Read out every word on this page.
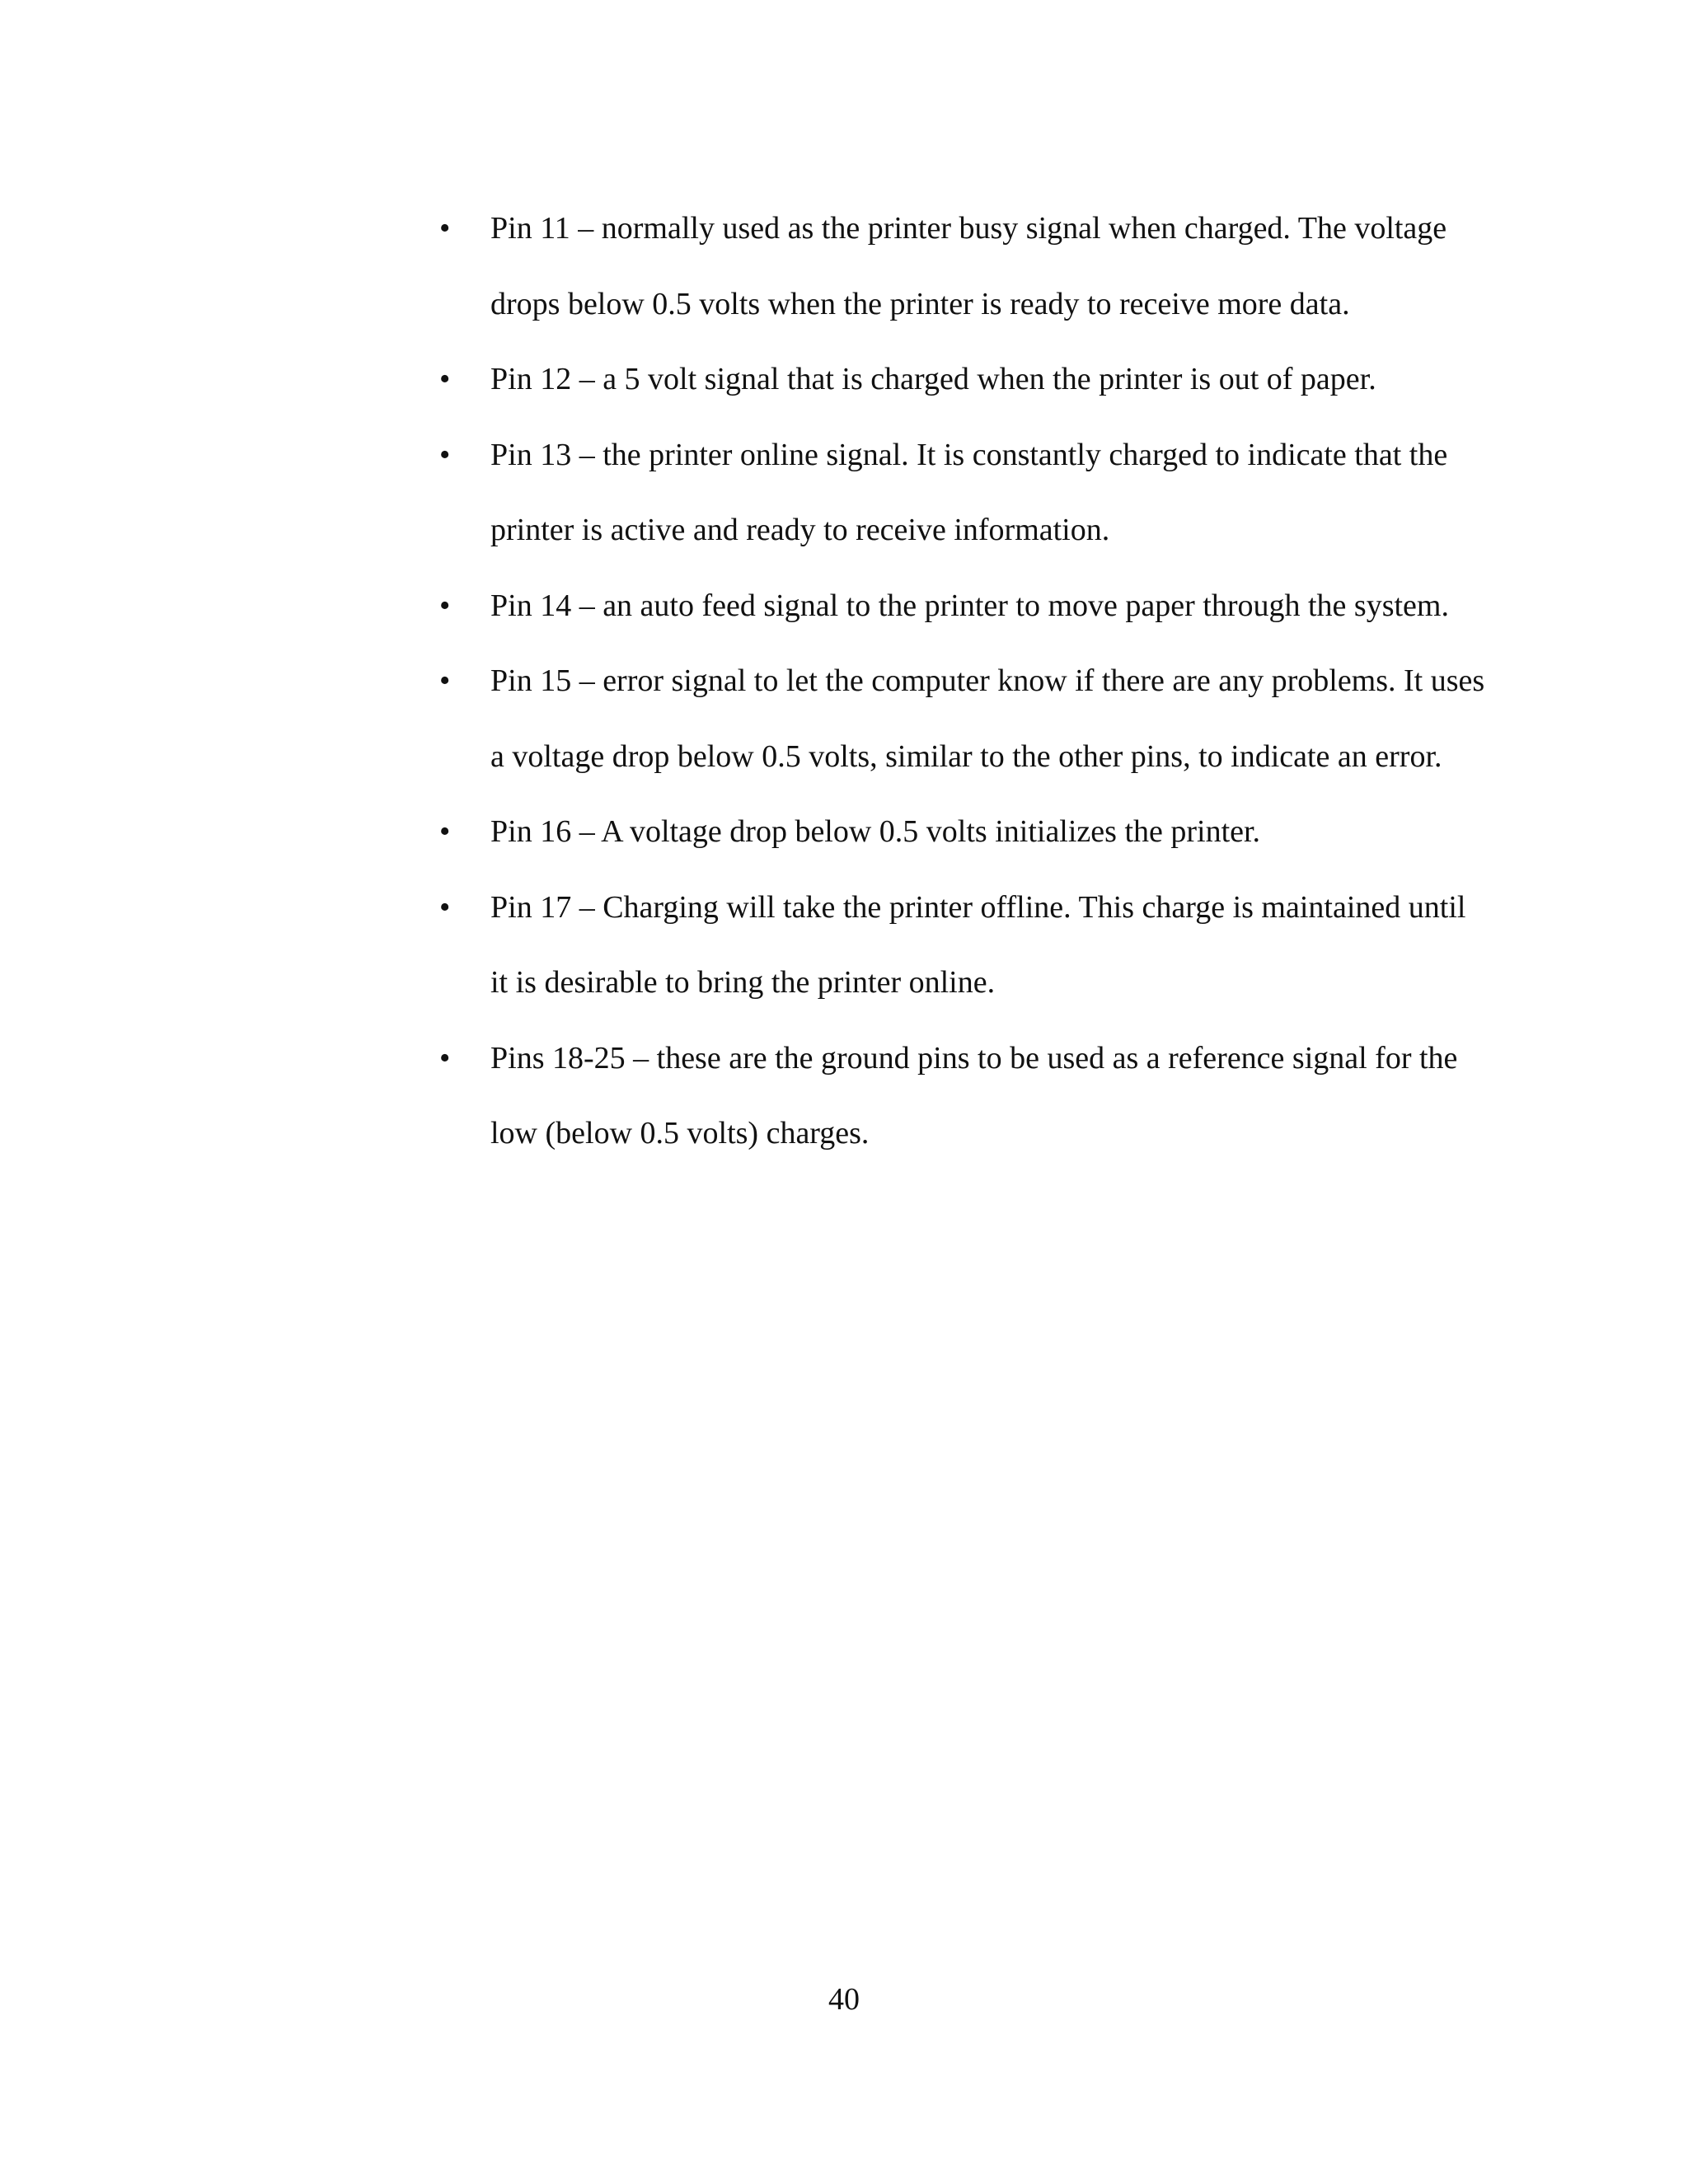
• Pin 11 – normally used as the printer busy signal when charged. The voltage drops below 0.5 volts when the printer is ready to receive more data.
• Pin 12 – a 5 volt signal that is charged when the printer is out of paper.
• Pin 13 – the printer online signal. It is constantly charged to indicate that the printer is active and ready to receive information.
• Pin 14 – an auto feed signal to the printer to move paper through the system.
• Pin 15 – error signal to let the computer know if there are any problems. It uses a voltage drop below 0.5 volts, similar to the other pins, to indicate an error.
• Pin 16 – A voltage drop below 0.5 volts initializes the printer.
• Pin 17 – Charging will take the printer offline. This charge is maintained until it is desirable to bring the printer online.
• Pins 18-25 – these are the ground pins to be used as a reference signal for the low (below 0.5 volts) charges.
40
